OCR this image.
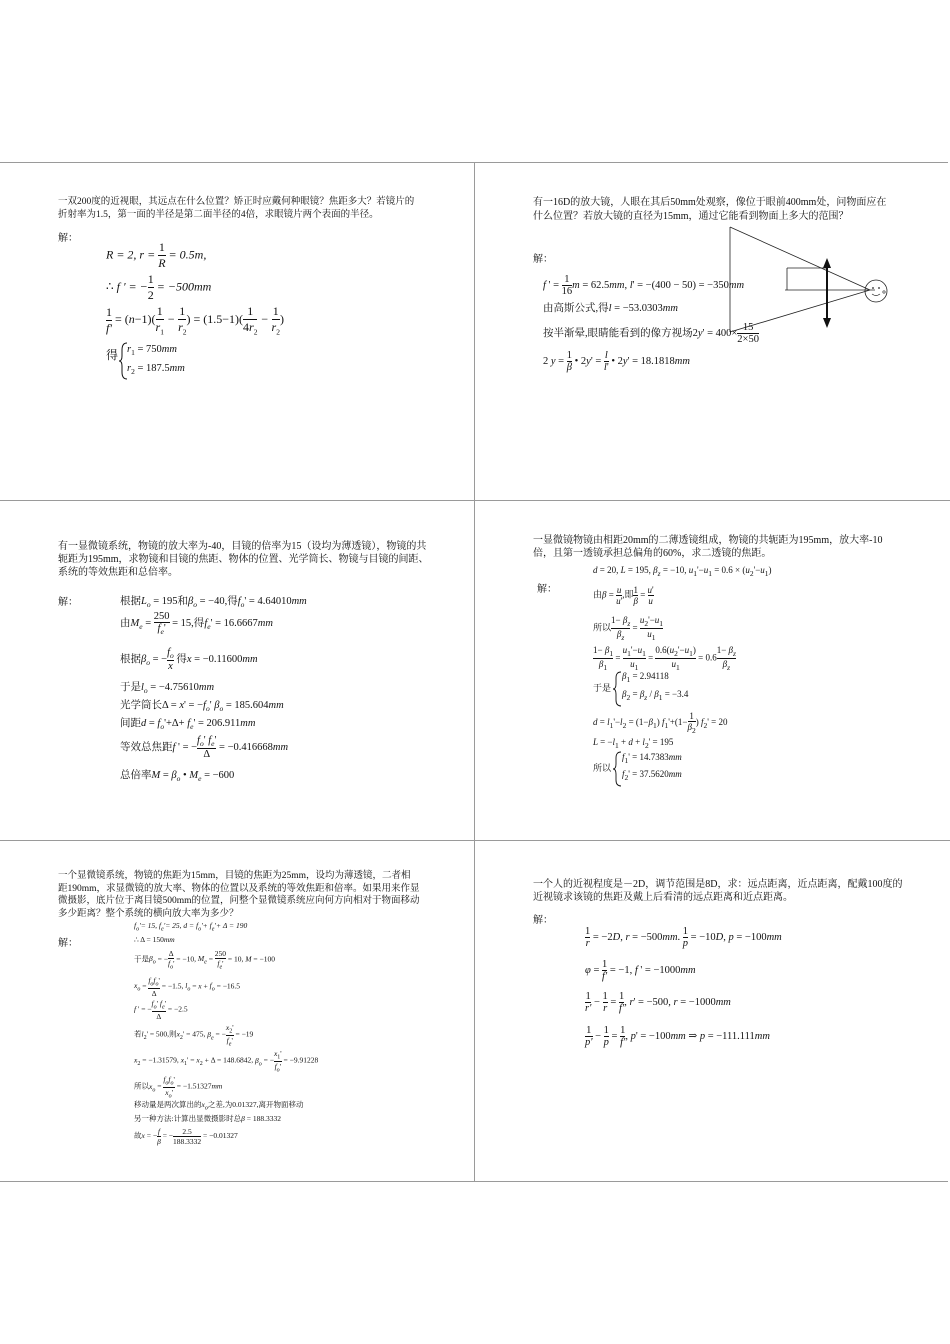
一双200度的近视眼，其远点在什么位置？矫正时应戴何种眼镜？焦距多大？若镜片的折射率为1.5，第一面的半径是第二面半径的4倍，求眼镜片两个表面的半径。
解：
R = 2, $r = \frac{1}{R} = 0.5m$,
∴ f ' = − $\frac{1}{2} = -500mm$
$\frac{1}{f'} = (n-1)( \frac{1}{r_1} - \frac{1}{r_2}$ ) = $(1.5-1)( \frac{1}{4r_2} - \frac{1}{r_2}$ )
得 $r_1 = 750mm$
$r_2 = 187.5mm$
有一16D的放大镜，人眼在其后50mm处观察，像位于眼前400mm处，问物面应在什么位置？若放大镜的直径为15mm，通过它能看到物面上多大的范围？
解：
f ' = $\frac{1}{16}$ m = 62.5mm, l' = −(400 − 50) = −350mm
由高斯公式,得l = −53.0303mm
按半渐晕,眼睛能看到的像方视场$2y' = 400\times \frac{15}{2\times 50}$
2 $y = \frac{1}{\beta}$ • $2y' = \frac{l}{l'}$ • 2y' = 18.1818mm
有一显微镜系统，物镜的放大率为-40，目镜的倍率为15（设均为薄透镜），物镜的共轭距为195mm，求物镜和目镜的焦距、物体的位置、光学筒长、物镜与目镜的间距、系统的等效焦距和总倍率。
解：	根据$L_o = 195$和$\beta_o = -40$,得$f_o' = 4.64010mm$
由$M_e = \frac{250}{f_e'} = 15$,得$f_e' = 16.6667mm$
根据$\beta_o$ = − $\frac{f_o}{x}$ 得x = −0.11600mm
于是$l_o = -4.75610mm$
光学筒长$\Delta = x' = -f_o'$ $\beta_o = 185.604mm$
间距$d = f_o'+\Delta+ f_e' = 206.911mm$
等效总焦距f ' = − $\frac{f_o' f_e'}{\Delta} = -0.416668mm$
总倍率$M = \beta_o$ • $M_e = -600$
一显微镜物镜由相距20mm的二薄透镜组成，物镜的共轭距为195mm，放大率-10倍，且第一透镜承担总偏角的60%，求二透镜的焦距。
解：
d = 20, L = 195, $\beta_z = -10$, $u_1'-u_1 = 0.6 \times (u_2'-u_1)$
由$\beta = \frac{u}{u'}$ ,即 $\frac{1}{\beta} = \frac{u'}{u}$
所以 $\frac{1- \beta_z}{\beta_z} = \frac{u_2'-u_1}{u_1}$
$\frac{1- \beta_1}{\beta_1} = \frac{u_1'-u_1}{u_1} = \frac{0.6(u_2'-u_1)}{u_1} = 0.6 \frac{1- \beta_z}{\beta_z}$
于是
$\beta_1 = 2.94118$
$\beta_2 = \beta_z / \beta_1 = -3.4$
$d = l_1'-l_2 = (1-\beta_1)$ $f_1'+(1- \frac{1}{\beta_2}$ ) $f_2' = 20$
$L = -l_1 + d + l_2' = 195$
所以
$f_1' = 14.7383mm$
$f_2' = 37.5620mm$
一个显微镜系统，物镜的焦距为15mm，目镜的焦距为25mm，设均为薄透镜，二者相距190mm，求显微镜的放大率、物体的位置以及系统的等效焦距和倍率。如果用来作显微摄影，底片位于离目镜500mm的位置，问整个显微镜系统应向何方向相对于物面移动多少距离？整个系统的横向放大率为多少？
解：
$f_o'= 15$, $f_e'= 25$, $d = f_o'+ f_e'+ \Delta = 190$
∴ Δ = 150mm
于是$\beta_o$ = − $\frac{\Delta}{f_o'} = -10$, $M_e = \frac{250}{f_e'} = 10$, M = −100
$x_o$ =
$f_of_o'$
Δ
= −1.5, $l_o = x + f_o = -16.5$
f ' = − $\frac{f_o' f_e'}{\Delta} = -2.5$
若$l_2' = 500$,则$x_2' = 475$, $\beta_e$ = − $\frac{x_2'}{f_e'} = -19$
$x_2 = -1.31579$, $x_1' = x_2 + \Delta = 148.6842$, $\beta_o$ = − $\frac{x_1'}{f_o'} = -9.91228$
所以$x_o$ =
$f_of_o'$
$x_o'$
= −1.51327mm
移动量是两次算出的$x_o$之差,为0.01327,离开物面移动
另一种方法:计算出显微摄影时总β = 188.3332
故x = − $\frac{f}{\beta}$ = − $\frac{2.5}{188.3332} = -0.01327$
一个人的近视程度是－2D，调节范围是8D，求：远点距离，近点距离，配戴100度的近视镜求该镜的焦距及戴上后看清的远点距离和近点距离。
解：
$\frac{1}{r} = -2D$, r = −500mm. $\frac{1}{p} = -10D$, p = −100mm
$\varphi = \frac{1}{f'} = -1$, f ' = −1000mm
$\frac{1}{r'} - \frac{1}{r} = \frac{1}{f'}$ , r' = −500, r = −1000mm
$\frac{1}{p'} - \frac{1}{p} = \frac{1}{f'}$ , p' = −100mm ⇒ p = −111.111mm
